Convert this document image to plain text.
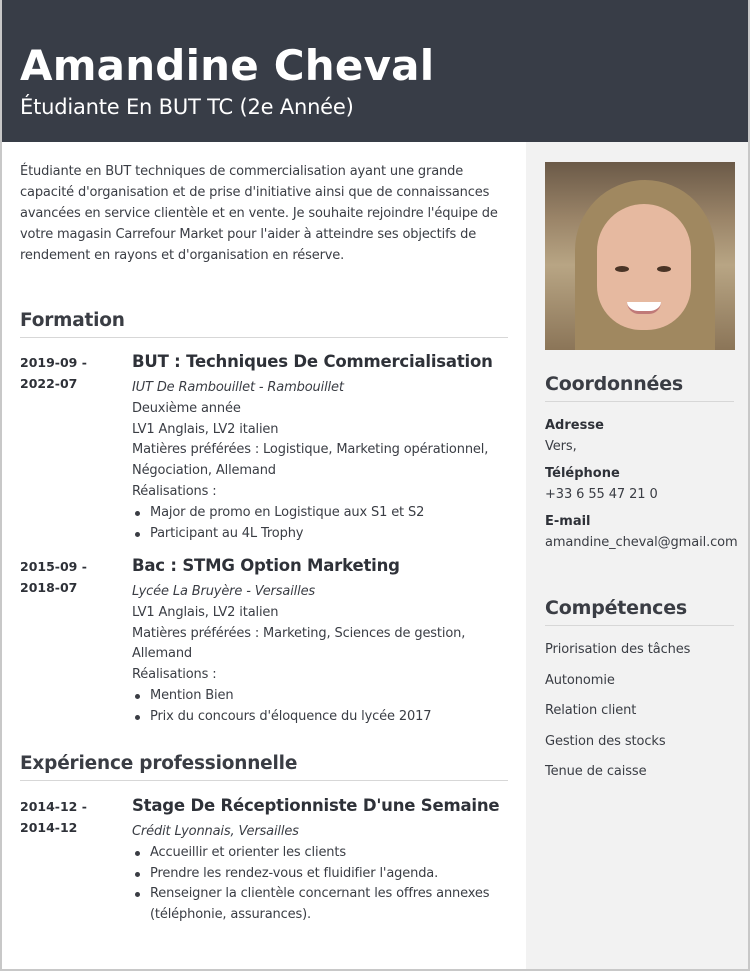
Amandine Cheval
Étudiante En BUT TC (2e Année)

Étudiante en BUT techniques de commercialisation ayant une grande capacité d'organisation et de prise d'initiative ainsi que de connaissances avancées en service clientèle et en vente. Je souhaite rejoindre l'équipe de votre magasin Carrefour Market pour l'aider à atteindre ses objectifs de rendement en rayons et d'organisation en réserve.

Formation
2019-09 -
2022-07
BUT : Techniques De Commercialisation
IUT De Rambouillet - Rambouillet
Deuxième année
LV1 Anglais, LV2 italien
Matières préférées : Logistique, Marketing opérationnel, Négociation, Allemand
Réalisations :
Major de promo en Logistique aux S1 et S2
Participant au 4L Trophy
2015-09 -
2018-07
Bac : STMG Option Marketing
Lycée La Bruyère - Versailles
LV1 Anglais, LV2 italien
Matières préférées : Marketing, Sciences de gestion, Allemand
Réalisations :
Mention Bien
Prix du concours d'éloquence du lycée 2017
Expérience professionnelle
2014-12 -
2014-12
Stage De Réceptionniste D'une Semaine
Crédit Lyonnais, Versailles
Accueillir et orienter les clients
Prendre les rendez-vous et fluidifier l'agenda.
Renseigner la clientèle concernant les offres annexes (téléphonie, assurances).
Coordonnées
Adresse
Vers,
Téléphone
+33 6 55 47 21 0
E-mail
amandine_cheval@gmail.com
Compétences
Priorisation des tâches
Autonomie
Relation client
Gestion des stocks
Tenue de caisse
